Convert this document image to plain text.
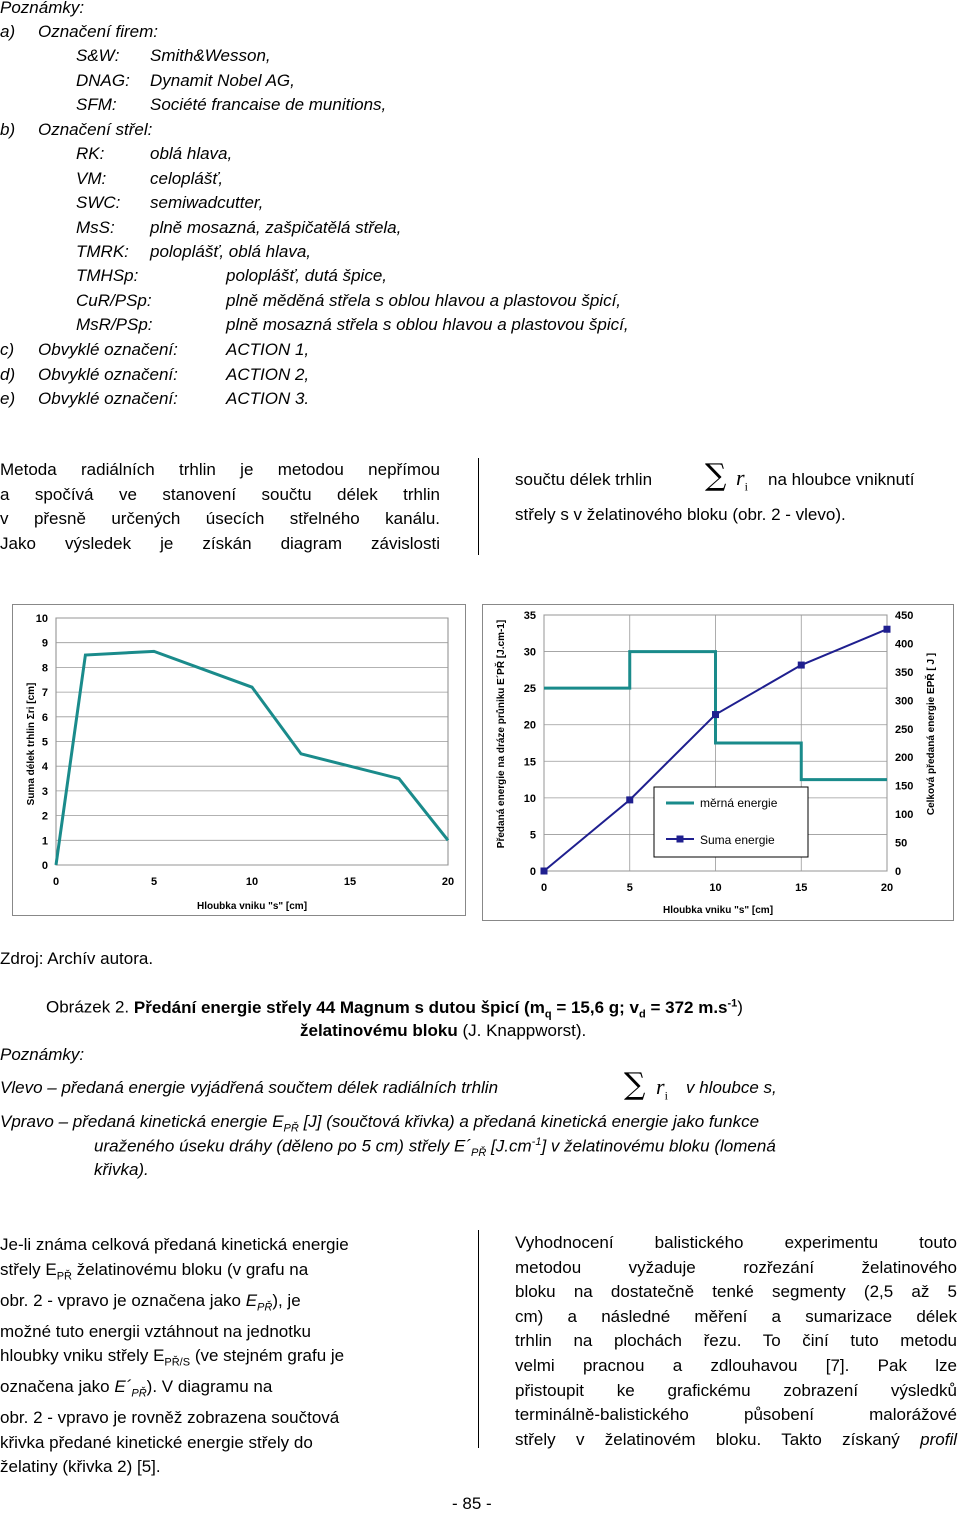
Poznámky:
a) Označení firem:
S&W: Smith&Wesson,
DNAG: Dynamit Nobel AG,
SFM: Société francaise de munitions,
b) Označení střel:
RK:	oblá hlava,
VM:	celoplášť,
SWC: semiwadcutter,
MsS: plně mosazná, zašpičatělá střela,
TMRK: poloplášť, oblá hlava,
TMHSp:	poloplášť, dutá špice,
CuR/PSp:	plně měděná střela s oblou hlavou a plastovou špicí,
MsR/PSp:	plně mosazná střela s oblou hlavou a plastovou špicí,
c) Obvyklé označení:	ACTION 1,
d) Obvyklé označení:	ACTION 2,
e) Obvyklé označení:	ACTION 3.
Metoda radiálních trhlin je metodou nepřímou
a spočívá ve stanovení součtu délek trhlin
v přesně určených úsecích střelného kanálu.
Jako výsledek je získán diagram závislosti
součtu délek trhlin ∑ $r_i$ na hloubce vniknutí
střely s v želatinového bloku (obr. 2 - vlevo).
0
1
2
3
4
5
6
7
8
9
10
0	5	10	15	20
Hloubka vniku "s" [cm]
Suma délek trhlin Σri [cm]
0	5	10	15	20
0
5
10
15
20
25
30
35
0
50
100
150
200
250
300
350
400
450
Hloubka vniku "s" [cm]
Předaná energie na dráze průniku E´PŘ [J.cm-1]	Celková předaná energie EPŘ [ J ]
měrná energie
Suma energie
Zdroj: Archív autora.
Obrázek 2. Předání energie střely 44 Magnum s dutou špicí ($m_q = 15,6$ g; $v_d = 372$ $m.s^{-1}$)
želatinovému bloku (J. Knappworst).
Poznámky:
Vlevo – předaná energie vyjádřená součtem délek radiálních trhlin	∑ $r_i$ v hloubce s,
Vpravo – předaná kinetická energie $E_{PŘ}$ [J] (součtová křivka) a předaná kinetická energie jako funkce
uraženého úseku dráhy (děleno po 5 cm) střely $E´_{PŘ}$ $[J.cm^{-1}]$ v želatinovému bloku (lomená
křivka).
Je-li známa celková předaná kinetická energie
střely $E_{PŘ}$ želatinovému bloku (v grafu na
obr. 2 - vpravo je označena jako $E_{PŘ}$), je
možné tuto energii vztáhnout na jednotku
hloubky vniku střely $E_{PŘ/S}$ (ve stejném grafu je
označena jako $E´_{PŘ}$). V diagramu na
obr. 2 - vpravo je rovněž zobrazena součtová
křivka předané kinetické energie střely do
želatiny (křivka 2) [5].
Vyhodnocení balistického experimentu touto
metodou vyžaduje rozřezání želatinového
bloku na dostatečně tenké segmenty (2,5 až 5
cm) a následné měření a sumarizace délek
trhlin na plochách řezu. To činí tuto metodu
velmi pracnou a zdlouhavou [7]. Pak lze
přistoupit ke grafickému zobrazení výsledků
terminálně-balistického působení malorážové
střely v želatinovém bloku. Takto získaný profil
- 85 -
